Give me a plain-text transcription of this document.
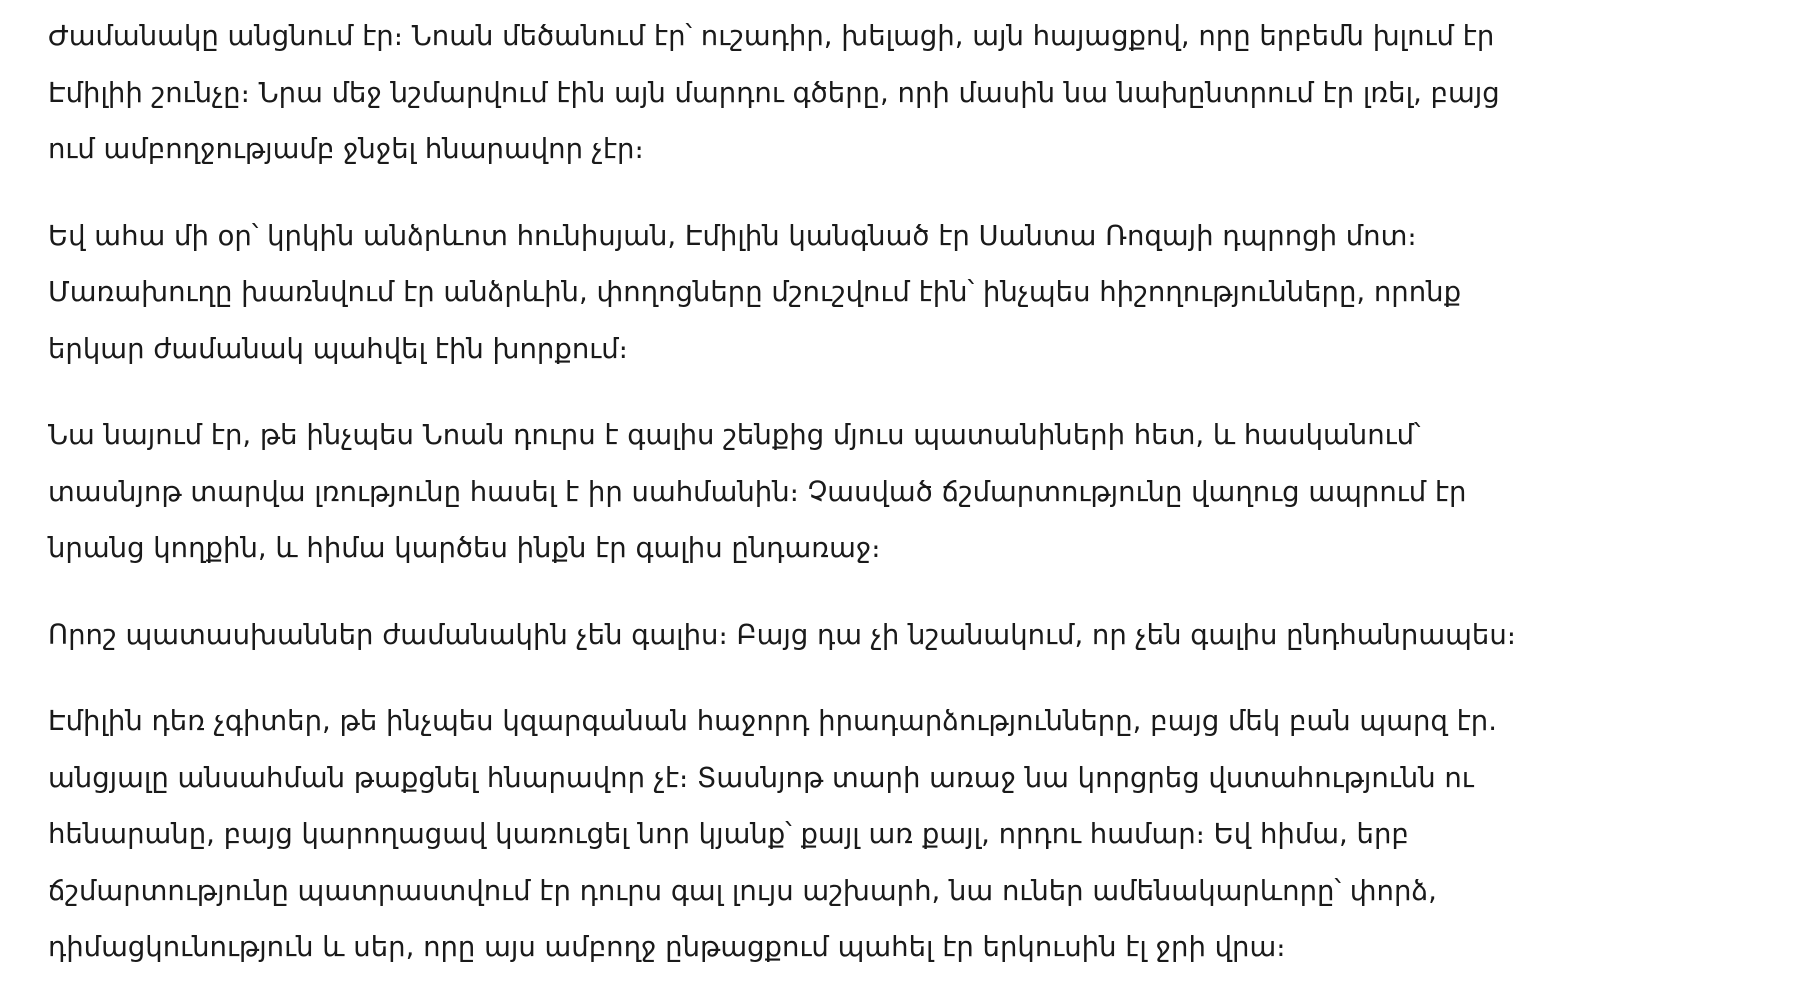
Ժամանակը անցնում էր։ Նոան մեծանում էր՝ ուշադիր, խելացի, այն հայացքով, որը երբեմն խլում էր
Էմիլիի շունչը։ Նրա մեջ նշմարվում էին այն մարդու գծերը, որի մասին նա նախընտրում էր լռել, բայց
ում ամբողջությամբ ջնջել հնարավոր չէր։

Եվ ահա մի օր՝ կրկին անձրևոտ հունիսյան, Էմիլին կանգնած էր Սանտա Ռոզայի դպրոցի մոտ։
Մառախուղը խառնվում էր անձրևին, փողոցները մշուշվում էին՝ ինչպես հիշողությունները, որոնք
երկար ժամանակ պահվել էին խորքում։

Նա նայում էր, թե ինչպես Նոան դուրս է գալիս շենքից մյուս պատանիների հետ, և հասկանում՝
տասնյոթ տարվա լռությունը հասել է իր սահմանին։ Չասված ճշմարտությունը վաղուց ապրում էր
նրանց կողքին, և հիմա կարծես ինքն էր գալիս ընդառաջ։

Որոշ պատասխաններ ժամանակին չեն գալիս։ Բայց դա չի նշանակում, որ չեն գալիս ընդհանրապես։

Էմիլին դեռ չգիտեր, թե ինչպես կզարգանան հաջորդ իրադարձությունները, բայց մեկ բան պարզ էր.
անցյալը անսահման թաքցնել հնարավոր չէ։ Տասնյոթ տարի առաջ նա կորցրեց վստահությունն ու
հենարանը, բայց կարողացավ կառուցել նոր կյանք՝ քայլ առ քայլ, որդու համար։ Եվ հիմա, երբ
ճշմարտությունը պատրաստվում էր դուրս գալ լույս աշխարհ, նա ուներ ամենակարևորը՝ փորձ,
դիմացկունություն և սեր, որը այս ամբողջ ընթացքում պահել էր երկուսին էլ ջրի վրա։
